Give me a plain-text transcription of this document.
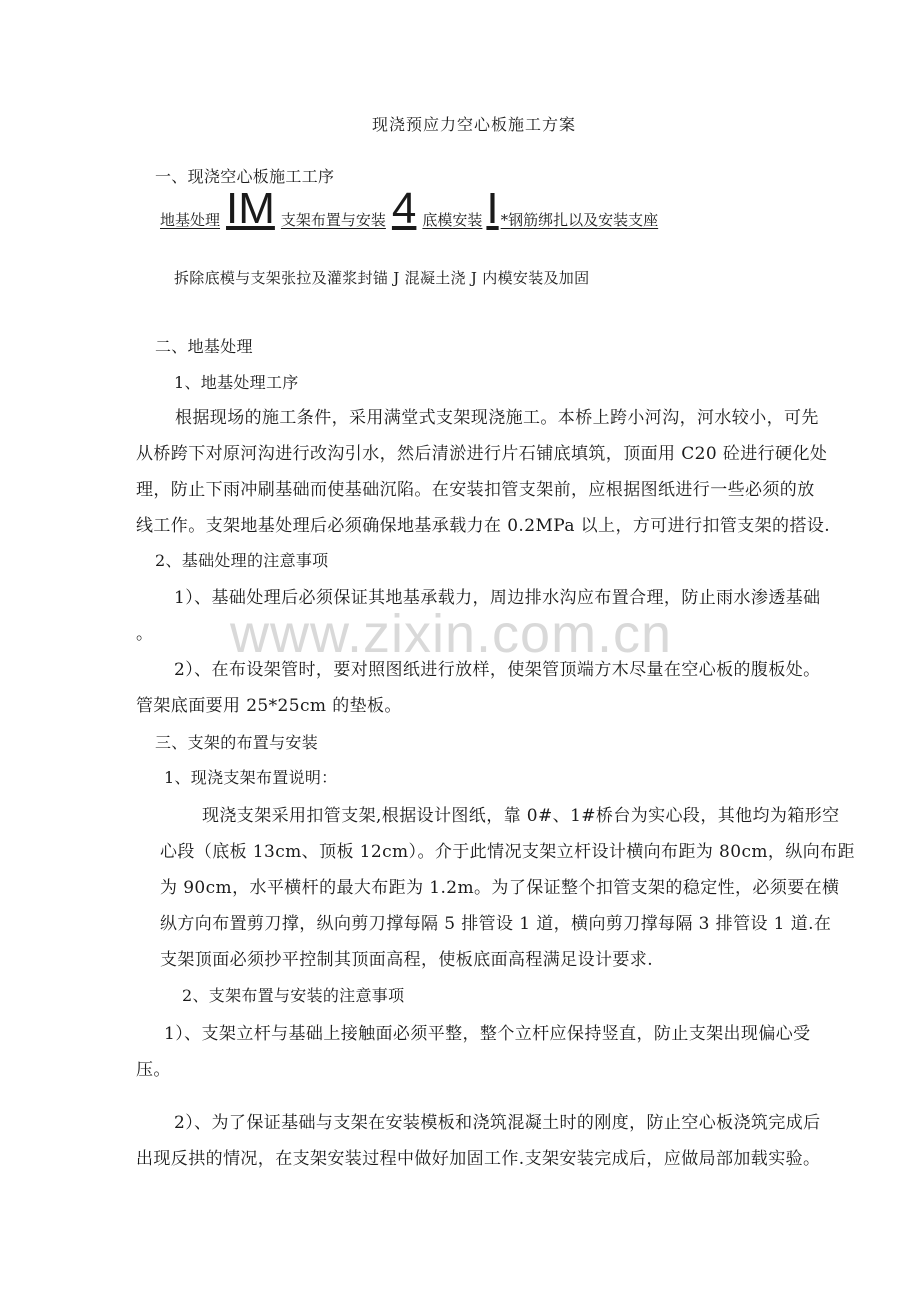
www.zixin.com.cn
现浇预应力空心板施工方案
一、现浇空心板施工工序
地基处理 IM 支架布置与安装 4 底模安装 I *钢筋绑扎以及安装支座
拆除底模与支架张拉及灌浆封锚 J 混凝土浇 J 内模安装及加固
二、地基处理
1、地基处理工序
根据现场的施工条件，采用满堂式支架现浇施工。本桥上跨小河沟，河水较小，可先
从桥跨下对原河沟进行改沟引水，然后清淤进行片石铺底填筑，顶面用 C20 砼进行硬化处
理，防止下雨冲刷基础而使基础沉陷。在安装扣管支架前，应根据图纸进行一些必须的放
线工作。支架地基处理后必须确保地基承载力在 0.2MPa 以上，方可进行扣管支架的搭设.
2、基础处理的注意事项
1）、基础处理后必须保证其地基承载力，周边排水沟应布置合理，防止雨水渗透基础
。
2）、在布设架管时，要对照图纸进行放样，使架管顶端方木尽量在空心板的腹板处。
管架底面要用 25*25cm 的垫板。
三、支架的布置与安装
1、现浇支架布置说明：
现浇支架采用扣管支架,根据设计图纸，靠 0#、1#桥台为实心段，其他均为箱形空
心段（底板 13cm、顶板 12cm）。介于此情况支架立杆设计横向布距为 80cm，纵向布距
为 90cm，水平横杆的最大布距为 1.2m。为了保证整个扣管支架的稳定性，必须要在横
纵方向布置剪刀撑，纵向剪刀撑每隔 5 排管设 1 道，横向剪刀撑每隔 3 排管设 1 道.在
支架顶面必须抄平控制其顶面高程，使板底面高程满足设计要求.
2、支架布置与安装的注意事项
1）、支架立杆与基础上接触面必须平整，整个立杆应保持竖直，防止支架出现偏心受
压。
2）、为了保证基础与支架在安装模板和浇筑混凝土时的刚度，防止空心板浇筑完成后
出现反拱的情况，在支架安装过程中做好加固工作.支架安装完成后，应做局部加载实验。
